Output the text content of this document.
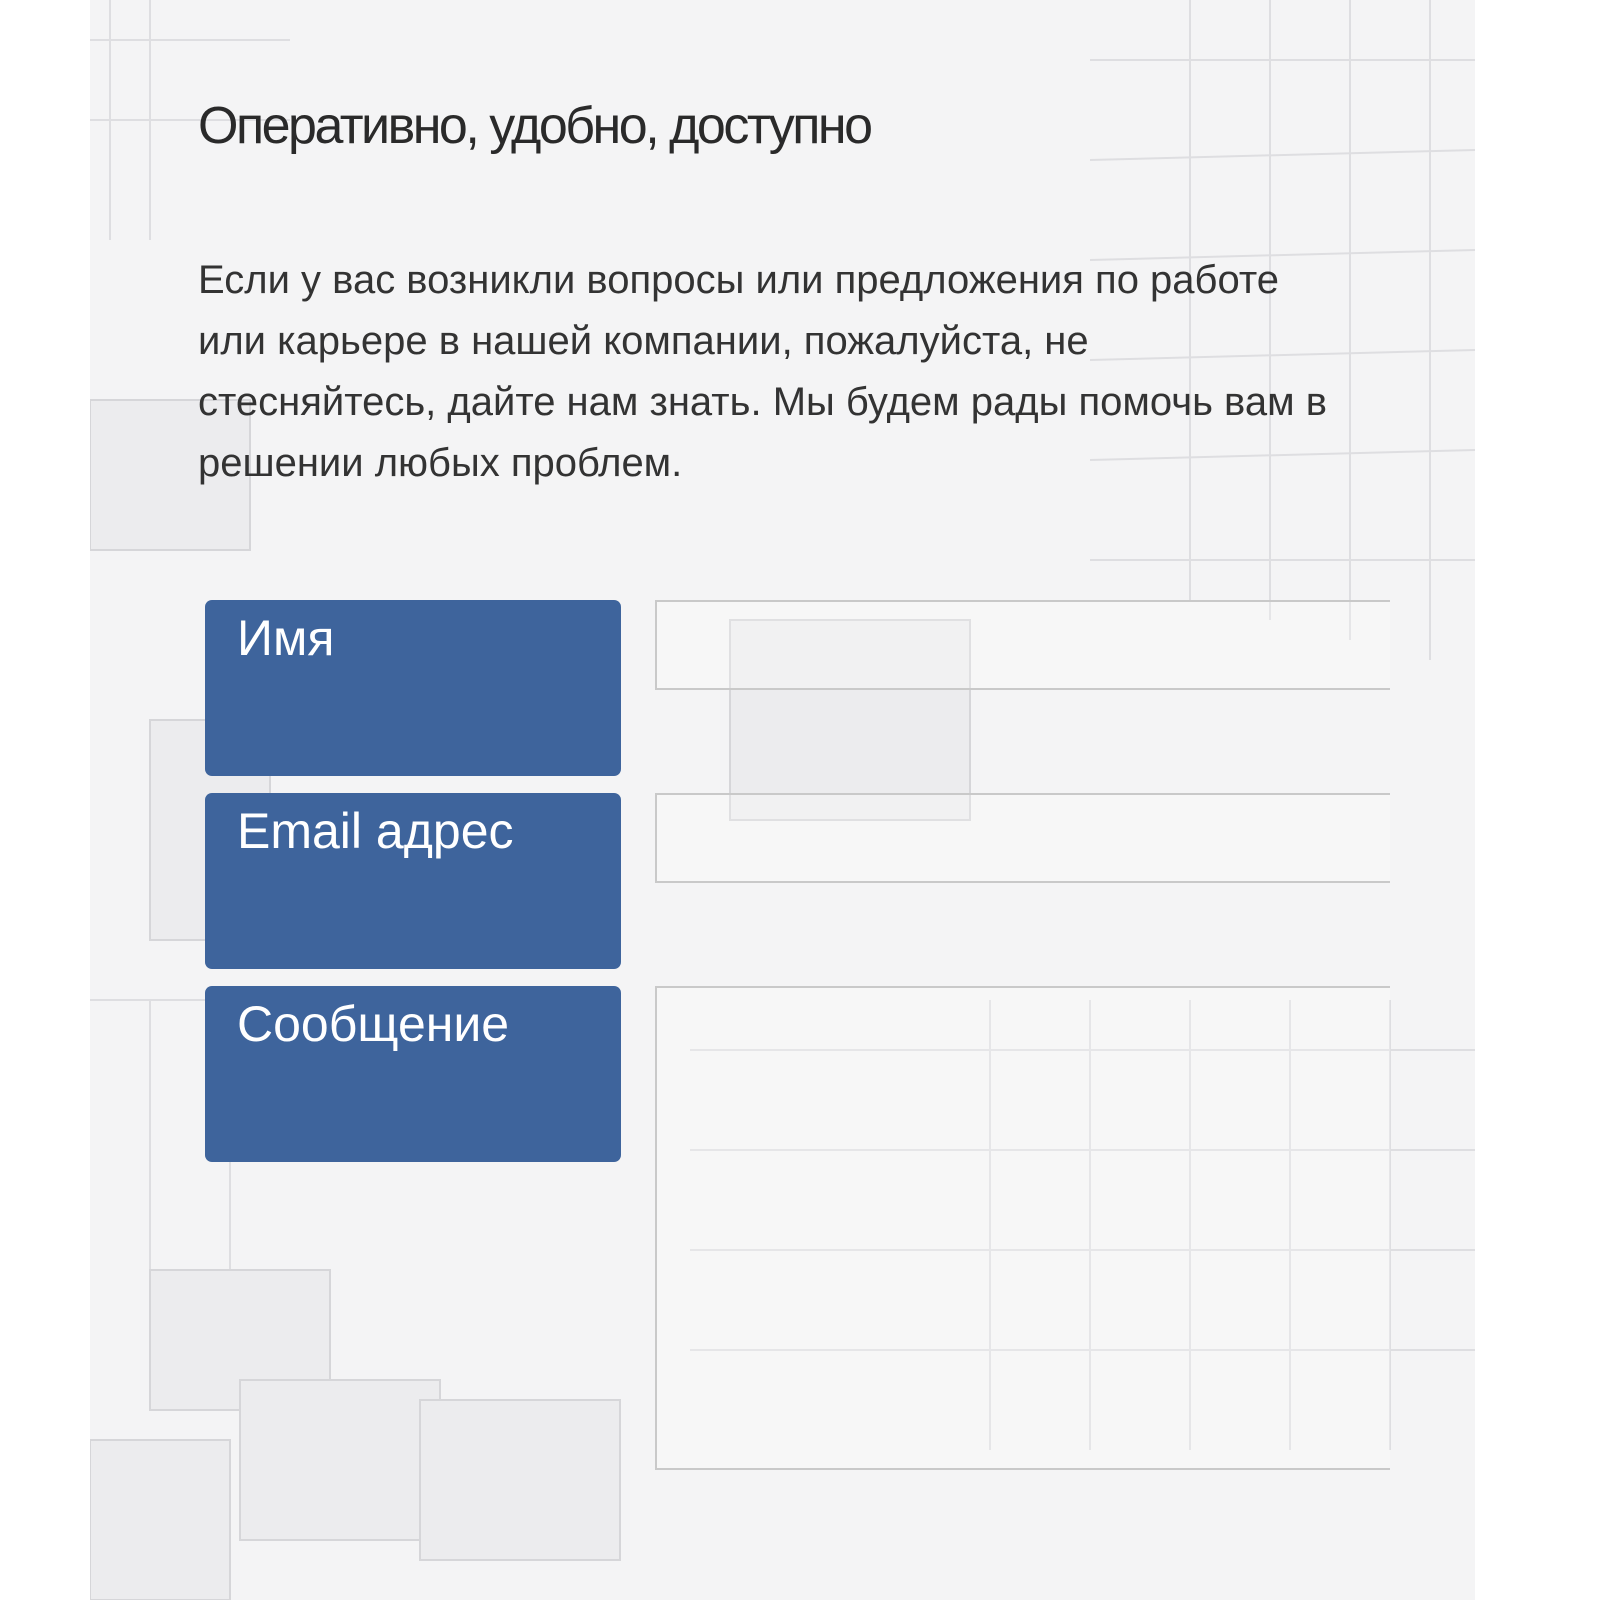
Оперативно, удобно, доступно

Если у вас возникли вопросы или предложения по работе или карьере в нашей компании, пожалуйста, не стесняйтесь, дайте нам знать. Мы будем рады помочь вам в решении любых проблем.

Имя
Email адрес
Сообщение
